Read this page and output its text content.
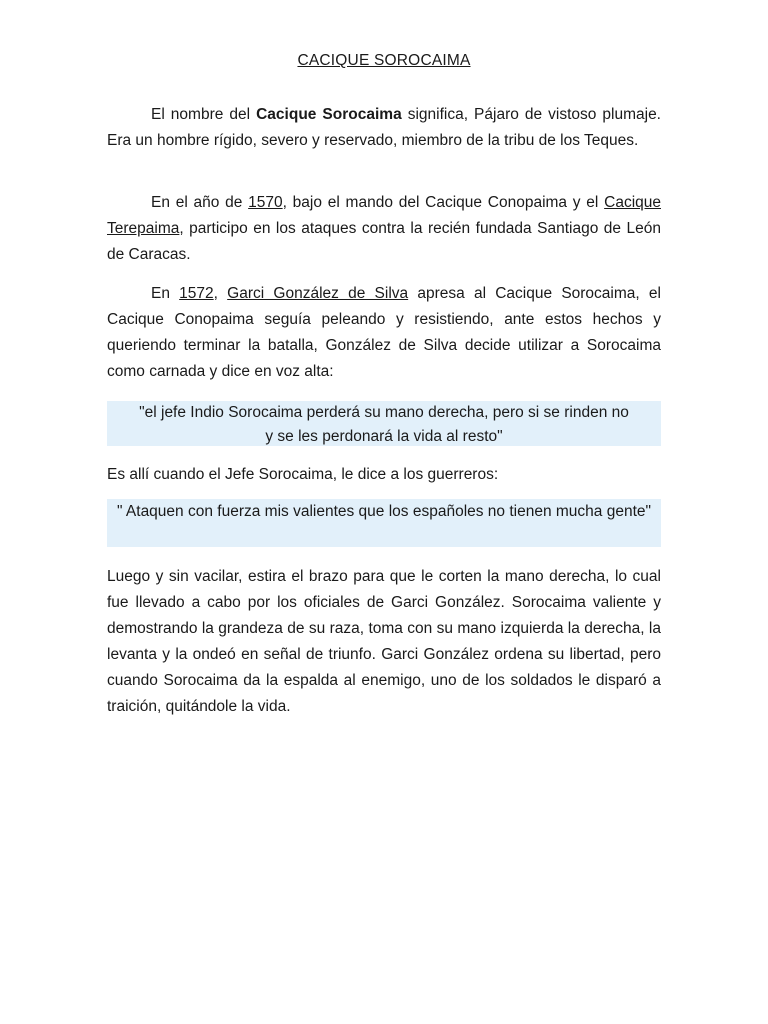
CACIQUE SOROCAIMA

El nombre del Cacique Sorocaima significa, Pájaro de vistoso plumaje. Era un hombre rígido, severo y reservado, miembro de la tribu de los Teques.

En el año de 1570, bajo el mando del Cacique Conopaima y el Cacique Terepaima, participo en los ataques contra la recién fundada Santiago de León de Caracas.

En 1572, Garci González de Silva apresa al Cacique Sorocaima, el Cacique Conopaima seguía peleando y resistiendo, ante estos hechos y queriendo terminar la batalla, González de Silva decide utilizar a Sorocaima como carnada y dice en voz alta:

"el jefe Indio Sorocaima perderá su mano derecha, pero si se rinden no y se les perdonará la vida al resto"

Es allí cuando el Jefe Sorocaima, le dice a los guerreros:

" Ataquen con fuerza mis valientes que los españoles no tienen mucha gente"

Luego y sin vacilar, estira el brazo para que le corten la mano derecha, lo cual fue llevado a cabo por los oficiales de Garci González. Sorocaima valiente y demostrando la grandeza de su raza, toma con su mano izquierda la derecha, la levanta y la ondeó en señal de triunfo. Garci González ordena su libertad, pero cuando Sorocaima da la espalda al enemigo, uno de los soldados le disparó a traición, quitándole la vida.
